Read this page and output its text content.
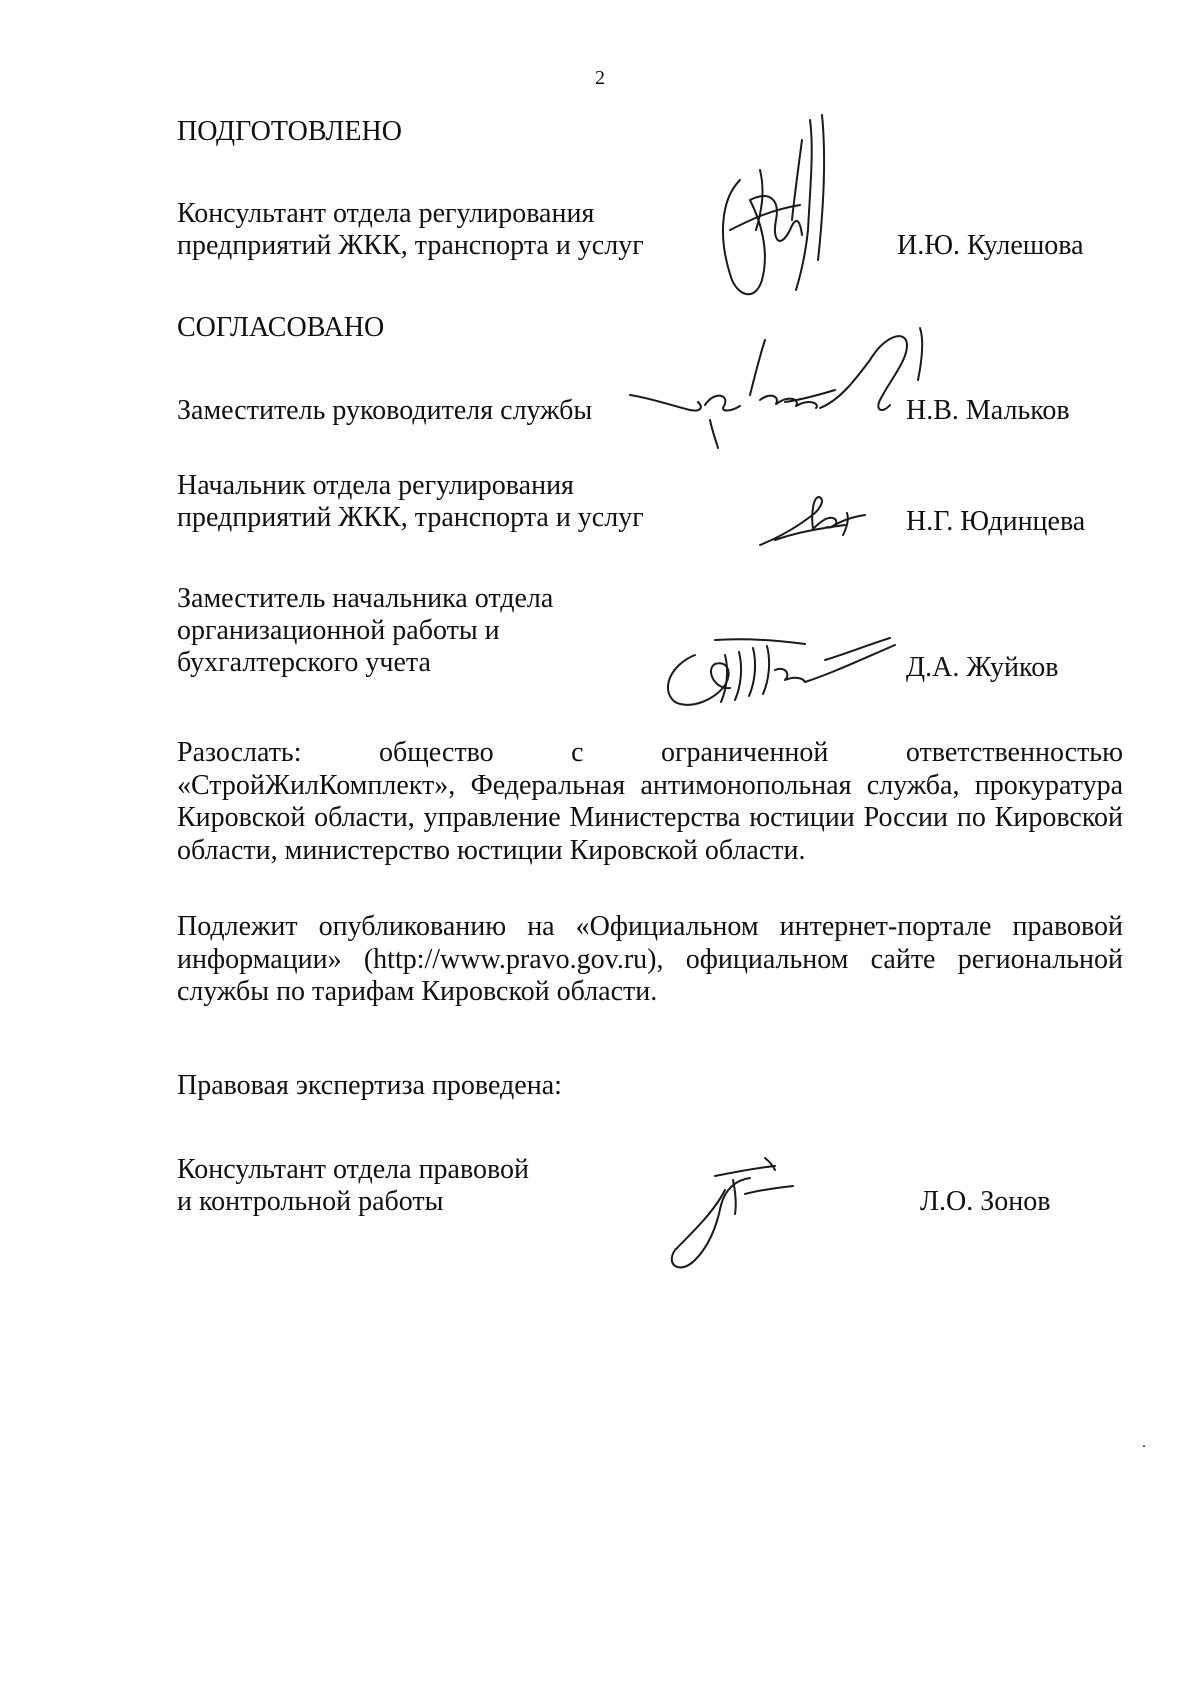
2
ПОДГОТОВЛЕНО
Консультант отдела регулирования
предприятий ЖКК, транспорта и услуг	И.Ю. Кулешова
СОГЛАСОВАНО
Заместитель руководителя службы	Н.В. Мальков
Начальник отдела регулирования
предприятий ЖКК, транспорта и услуг	Н.Г. Юдинцева
Заместитель начальника отдела
организационной работы и
бухгалтерского учета	Д.А. Жуйков
Разослать: общество с ограниченной ответственностью «СтройЖилКомплект», Федеральная антимонопольная служба, прокуратура Кировской области, управление Министерства юстиции России по Кировской области, министерство юстиции Кировской области.
Подлежит опубликованию на «Официальном интернет-портале правовой информации» (http://www.pravo.gov.ru), официальном сайте региональной службы по тарифам Кировской области.
Правовая экспертиза проведена:
Консультант отдела правовой
и контрольной работы	Л.О. Зонов
